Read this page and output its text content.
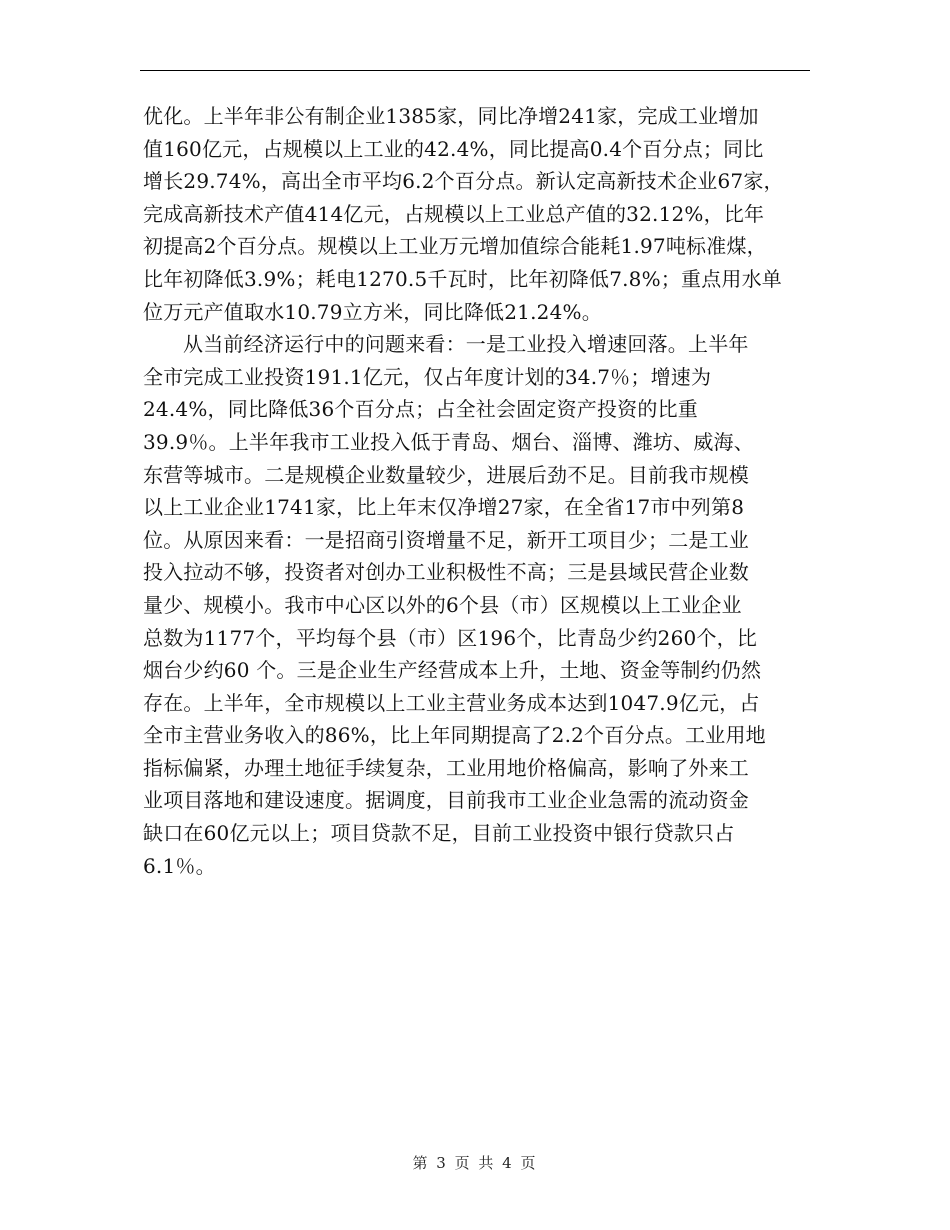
优化。上半年非公有制企业1385家，同比净增241家，完成工业增加
值160亿元，占规模以上工业的42.4%，同比提高0.4个百分点；同比
增长29.74%，高出全市平均6.2个百分点。新认定高新技术企业67家，
完成高新技术产值414亿元，占规模以上工业总产值的32.12%，比年
初提高2个百分点。规模以上工业万元增加值综合能耗1.97吨标准煤，
比年初降低3.9%；耗电1270.5千瓦时，比年初降低7.8%；重点用水单
位万元产值取水10.79立方米，同比降低21.24%。
从当前经济运行中的问题来看：一是工业投入增速回落。上半年
全市完成工业投资191.1亿元，仅占年度计划的34.7％；增速为
24.4%，同比降低36个百分点；占全社会固定资产投资的比重
39.9％。上半年我市工业投入低于青岛、烟台、淄博、潍坊、威海、
东营等城市。二是规模企业数量较少，进展后劲不足。目前我市规模
以上工业企业1741家，比上年末仅净增27家，在全省17市中列第8
位。从原因来看：一是招商引资增量不足，新开工项目少；二是工业
投入拉动不够，投资者对创办工业积极性不高；三是县域民营企业数
量少、规模小。我市中心区以外的6个县（市）区规模以上工业企业
总数为1177个，平均每个县（市）区196个，比青岛少约260个，比
烟台少约60 个。三是企业生产经营成本上升，土地、资金等制约仍然
存在。上半年，全市规模以上工业主营业务成本达到1047.9亿元，占
全市主营业务收入的86%，比上年同期提高了2.2个百分点。工业用地
指标偏紧，办理土地征手续复杂，工业用地价格偏高，影响了外来工
业项目落地和建设速度。据调度，目前我市工业企业急需的流动资金
缺口在60亿元以上；项目贷款不足，目前工业投资中银行贷款只占
6.1％。
第 3 页 共 4 页
